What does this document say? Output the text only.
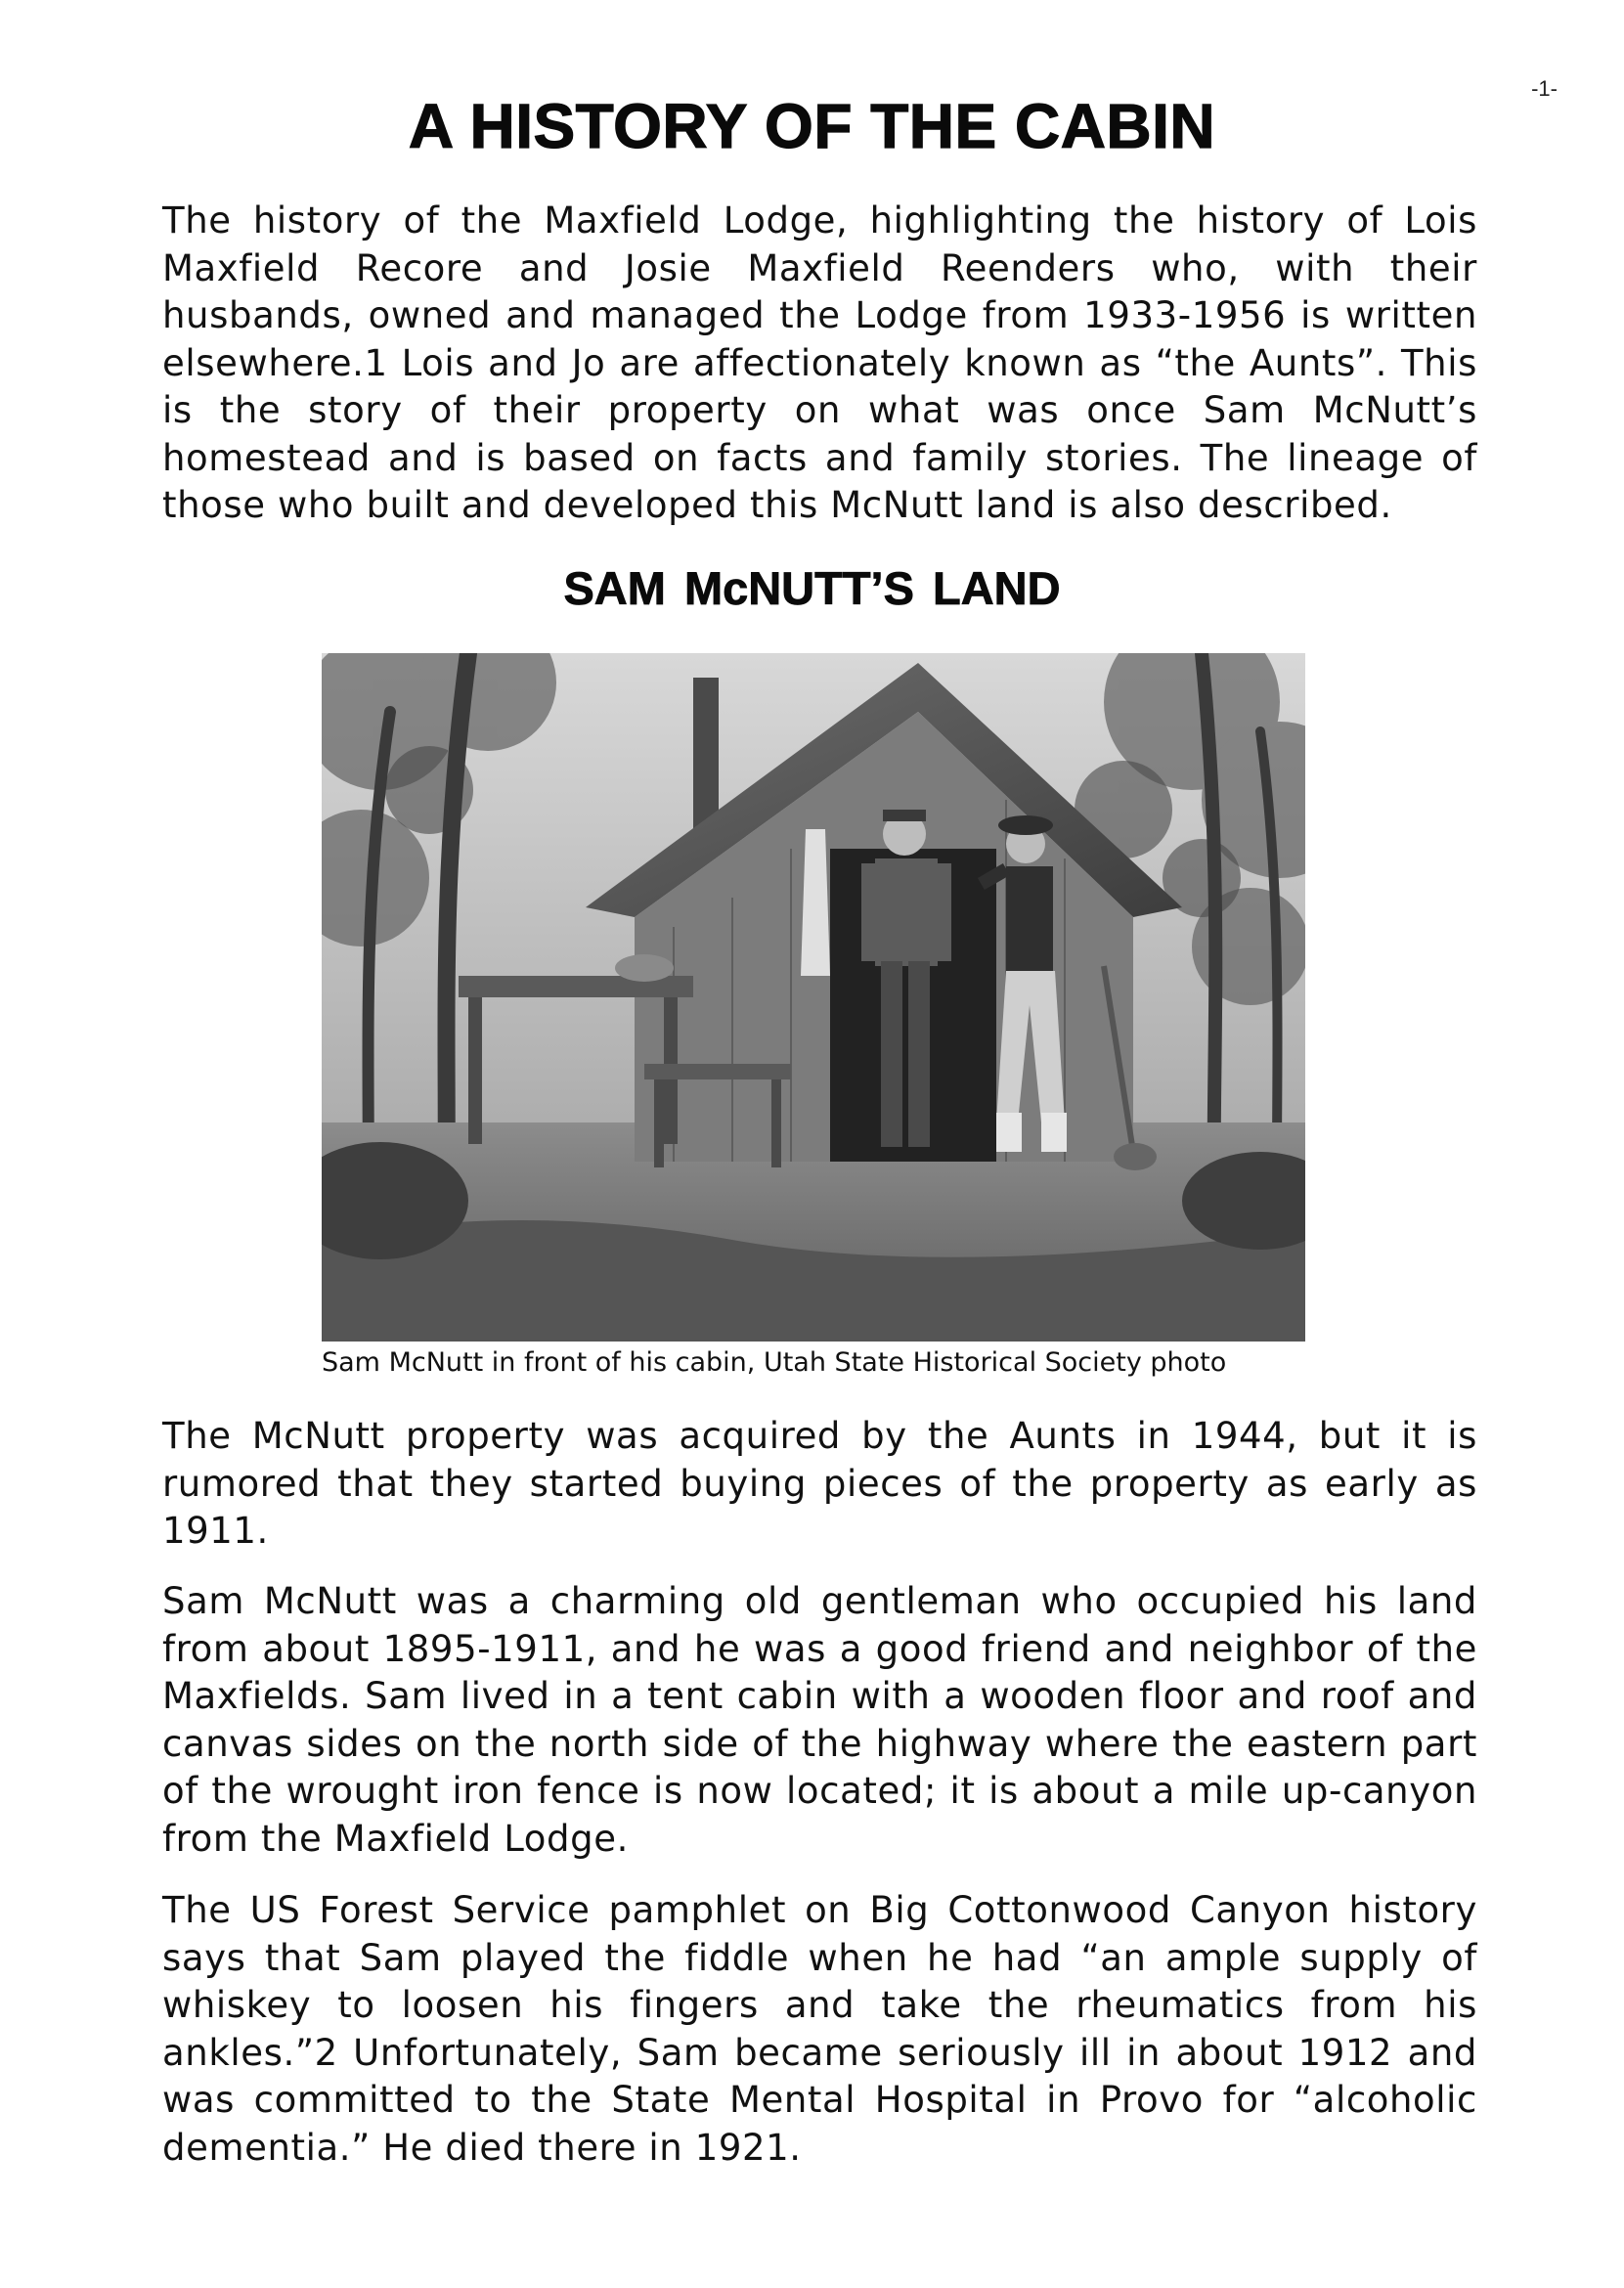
-1-
A HISTORY OF THE CABIN

The history of the Maxfield Lodge, highlighting the history of Lois Maxfield Recore and Josie Maxfield Reenders who, with their husbands, owned and managed the Lodge from 1933-1956 is written elsewhere.1 Lois and Jo are affectionately known as “the Aunts”. This is the story of their property on what was once Sam McNutt’s homestead and is based on facts and family stories. The lineage of those who built and developed this McNutt land is also described.

SAM McNUTT’S LAND

Sam McNutt in front of his cabin, Utah State Historical Society photo

The McNutt property was acquired by the Aunts in 1944, but it is rumored that they started buying pieces of the property as early as 1911.

Sam McNutt was a charming old gentleman who occupied his land from about 1895-1911, and he was a good friend and neighbor of the Maxfields. Sam lived in a tent cabin with a wooden floor and roof and canvas sides on the north side of the highway where the eastern part of the wrought iron fence is now located; it is about a mile up-canyon from the Maxfield Lodge.

The US Forest Service pamphlet on Big Cottonwood Canyon history says that Sam played the fiddle when he had “an ample supply of whiskey to loosen his fingers and take the rheumatics from his ankles.”2 Unfortunately, Sam became seriously ill in about 1912 and was committed to the State Mental Hospital in Provo for “alcoholic dementia.” He died there in 1921.
